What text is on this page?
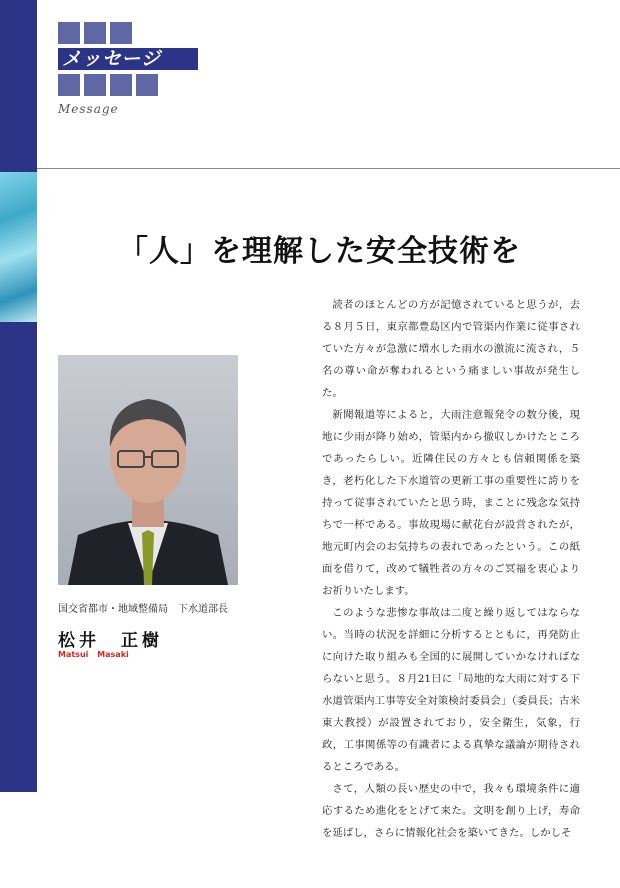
メッセージ
Message
「人」を理解した安全技術を
国交省都市・地域整備局　下水道部長
松井　正樹
Matsui Masaki

読者のほとんどの方が記憶されていると思うが，去る８月５日，東京都豊島区内で管渠内作業に従事されていた方々が急激に増水した雨水の激流に流され，５名の尊い命が奪われるという痛ましい事故が発生した。

新聞報道等によると，大雨注意報発令の数分後，現地に少雨が降り始め，管渠内から撤収しかけたところであったらしい。近隣住民の方々とも信頼関係を築き，老朽化した下水道管の更新工事の重要性に誇りを持って従事されていたと思う時，まことに残念な気持ちで一杯である。事故現場に献花台が設営されたが，地元町内会のお気持ちの表れであったという。この紙面を借りて，改めて犠牲者の方々のご冥福を衷心よりお祈りいたします。

このような悲惨な事故は二度と繰り返してはならない。当時の状況を詳細に分析するとともに，再発防止に向けた取り組みも全国的に展開していかなければならないと思う。８月21日に「局地的な大雨に対する下水道管渠内工事等安全対策検討委員会」（委員長；古米東大教授）が設置されており，安全衛生，気象，行政，工事関係等の有識者による真摯な議論が期待されるところである。

さて，人類の長い歴史の中で，我々も環境条件に適応するため進化をとげて来た。文明を創り上げ，寿命を延ばし，さらに情報化社会を築いてきた。しかしそ
